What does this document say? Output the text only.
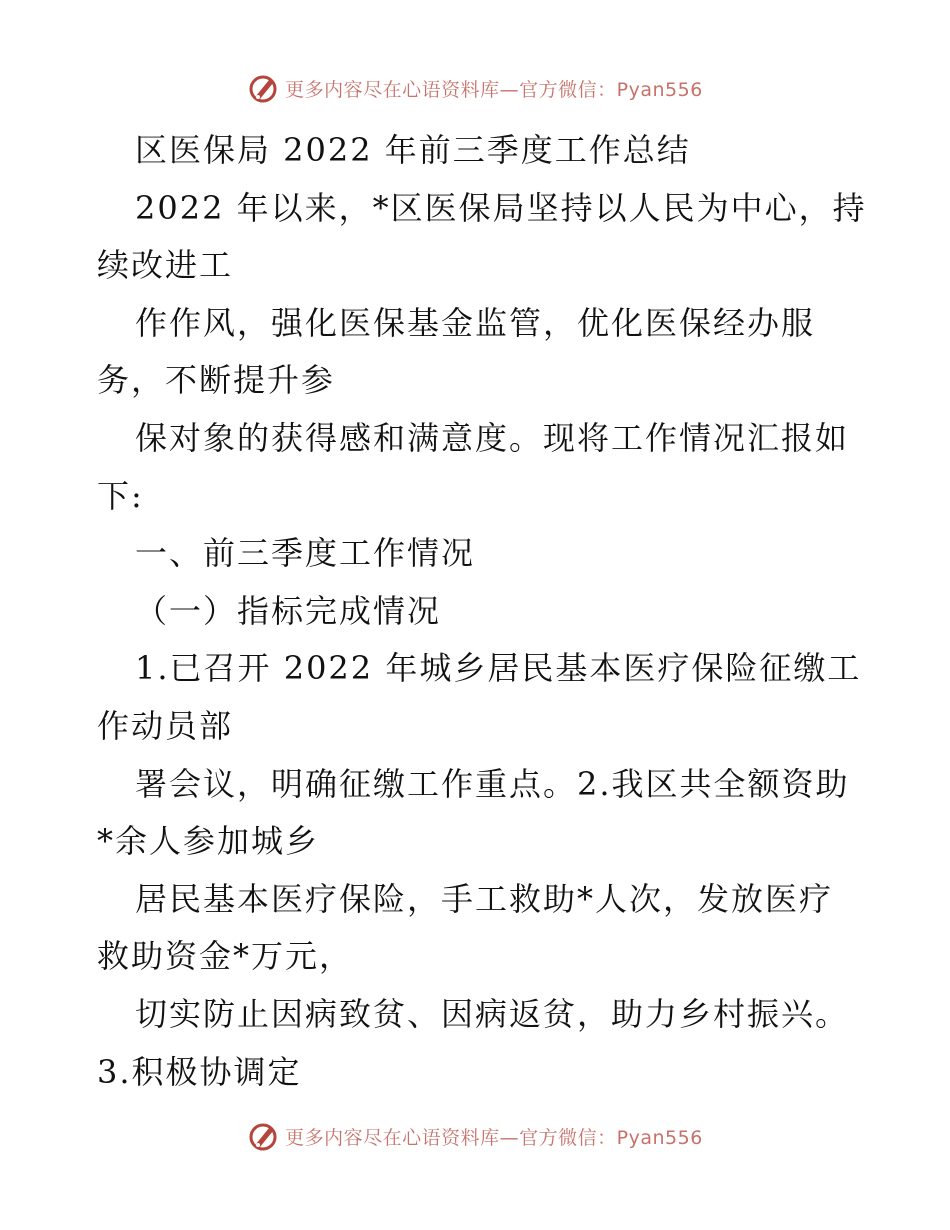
更多内容尽在心语资料库—官方微信：Pyan556
区医保局 2022 年前三季度工作总结
2022 年以来，*区医保局坚持以人民为中心，持
续改进工
作作风，强化医保基金监管，优化医保经办服
务，不断提升参
保对象的获得感和满意度。现将工作情况汇报如
下:
一、前三季度工作情况
（一）指标完成情况
1.已召开 2022 年城乡居民基本医疗保险征缴工
作动员部
署会议，明确征缴工作重点。2.我区共全额资助
*余人参加城乡
居民基本医疗保险，手工救助*人次，发放医疗
救助资金*万元，
切实防止因病致贫、因病返贫，助力乡村振兴。
3.积极协调定
更多内容尽在心语资料库—官方微信：Pyan556
